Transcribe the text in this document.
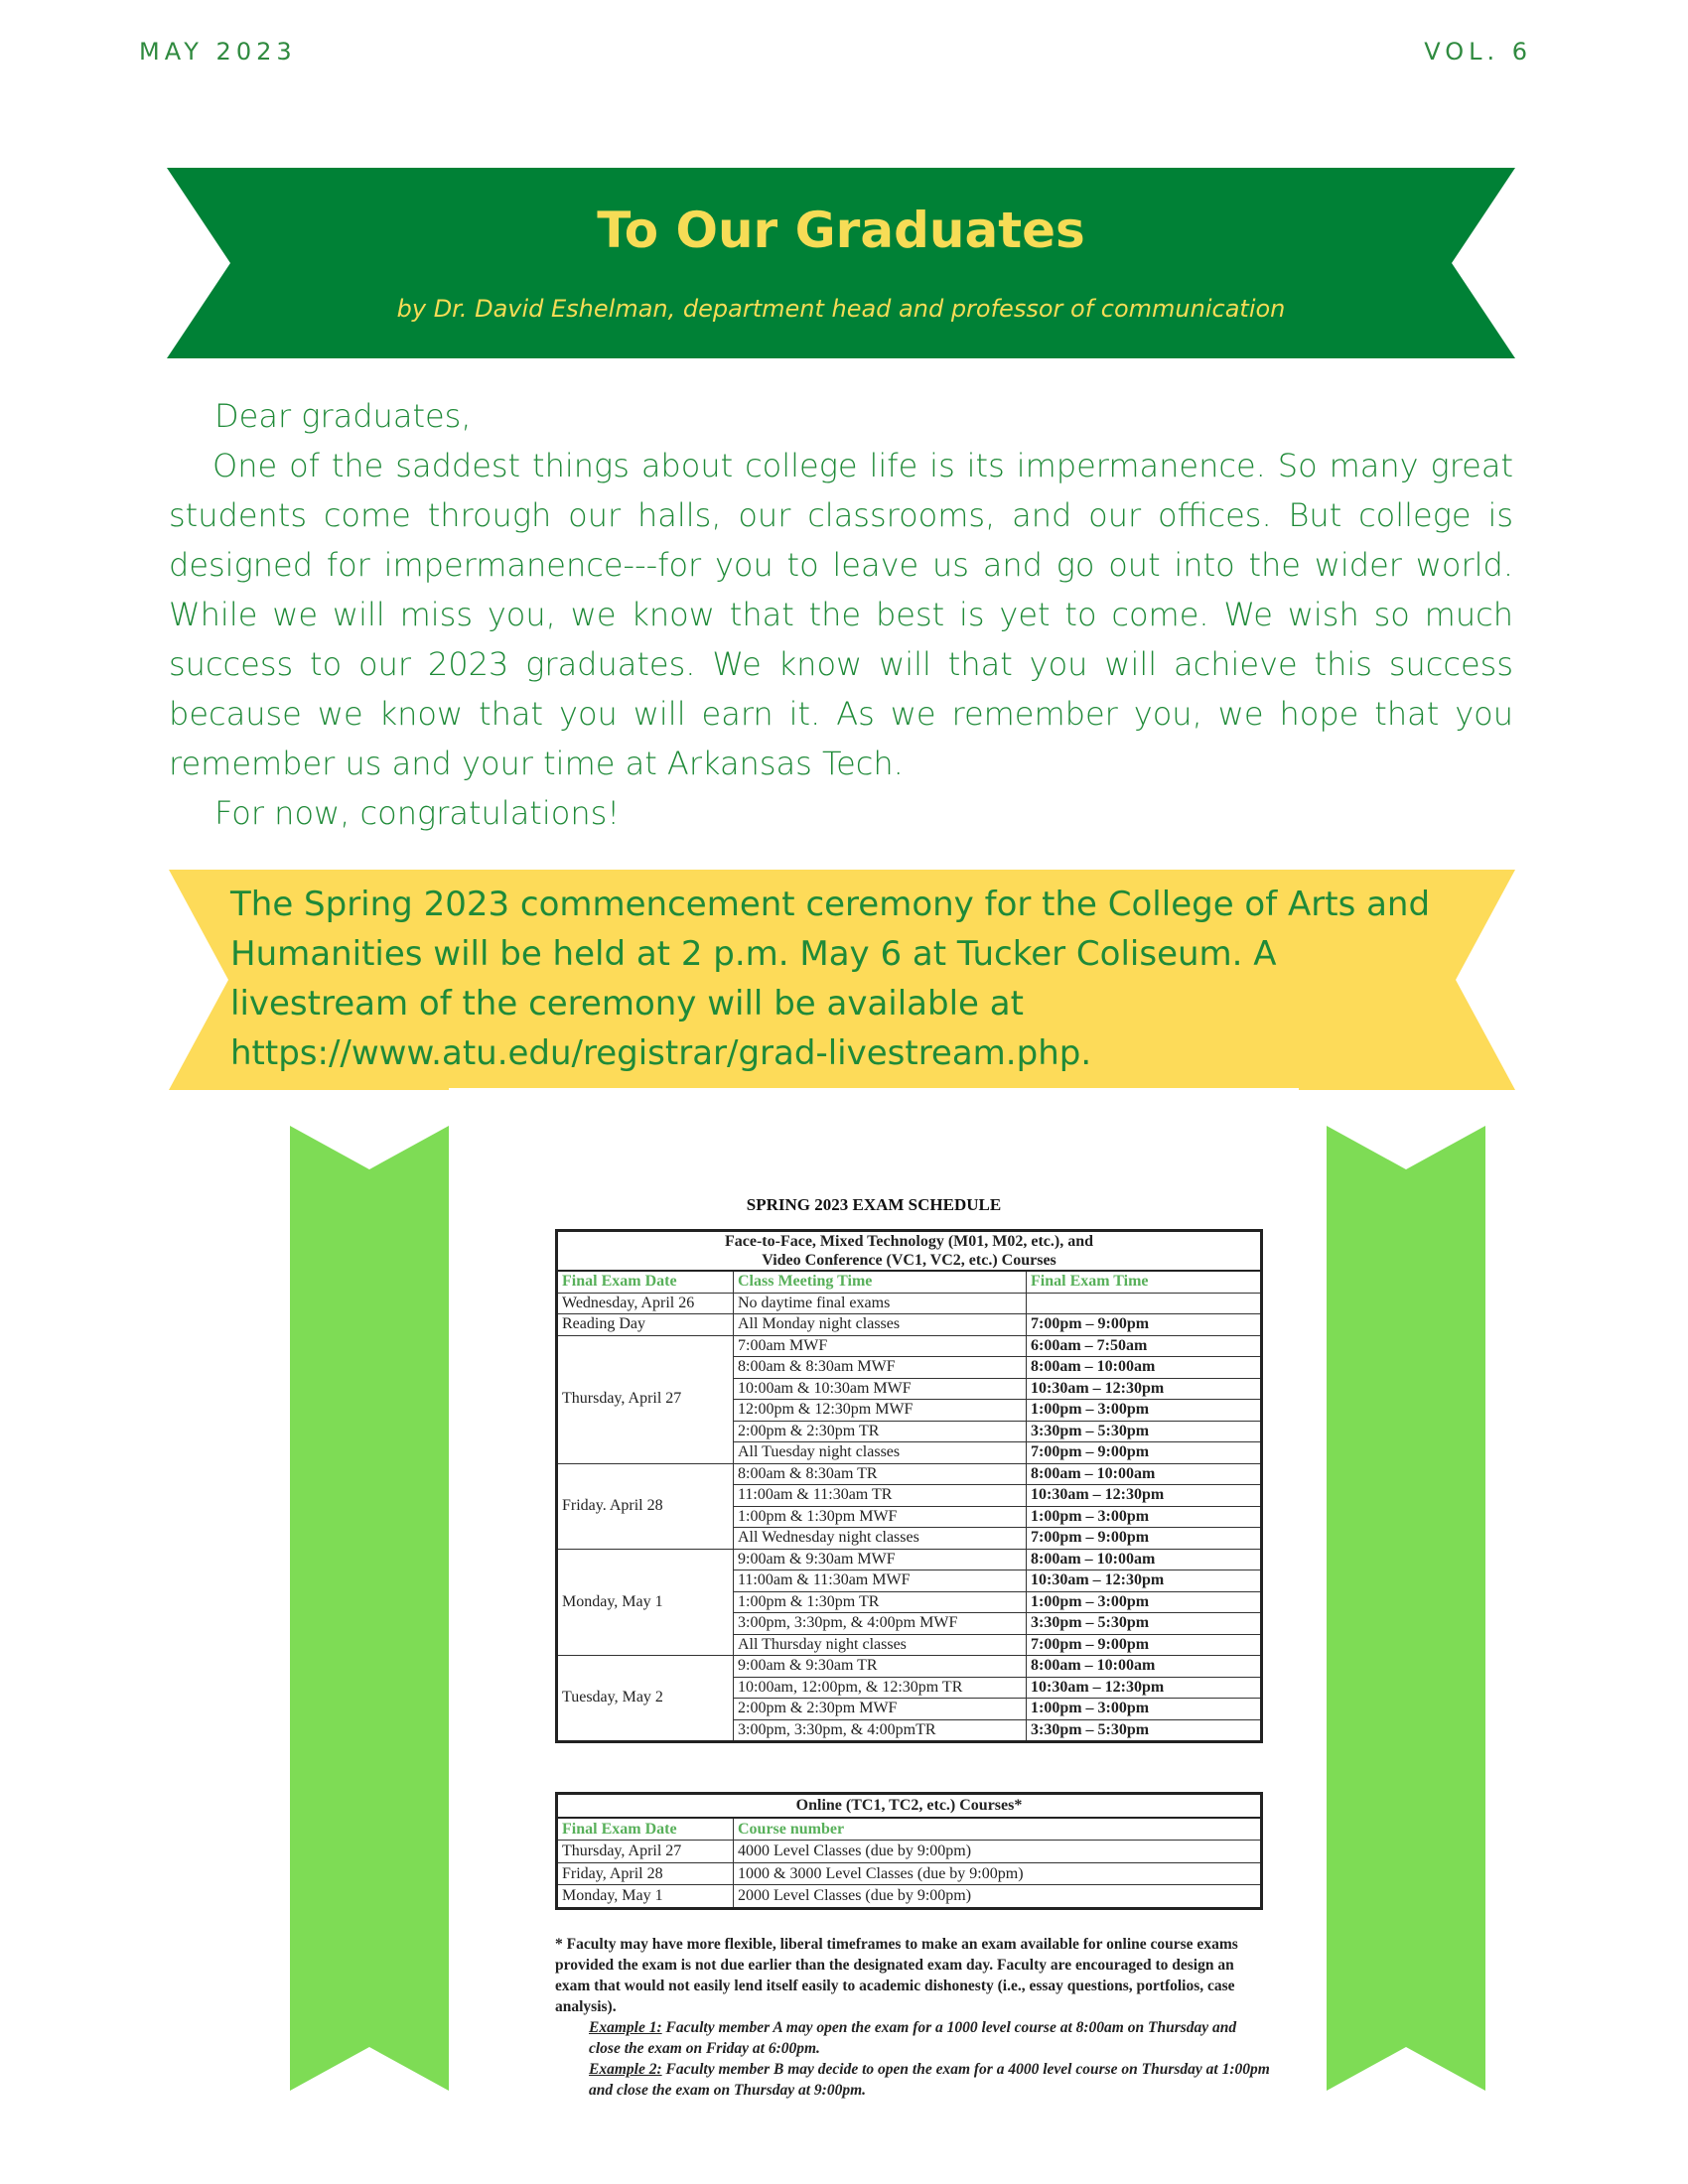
MAY 2023	VOL. 6
To Our Graduates
by Dr. David Eshelman, department head and professor of communication

Dear graduates,

One of the saddest things about college life is its impermanence. So many great students come through our halls, our classrooms, and our offices. But college is designed for impermanence---for you to leave us and go out into the wider world. While we will miss you, we know that the best is yet to come. We wish so much success to our 2023 graduates. We know will that you will achieve this success because we know that you will earn it. As we remember you, we hope that you remember us and your time at Arkansas Tech.

For now, congratulations!

The Spring 2023 commencement ceremony for the College of Arts and Humanities will be held at 2 p.m. May 6 at Tucker Coliseum. A livestream of the ceremony will be available at https://www.atu.edu/registrar/grad-livestream.php.
SPRING 2023 EXAM SCHEDULE
Face-to-Face, Mixed Technology (M01, M02, etc.), and
Video Conference (VC1, VC2, etc.) Courses		

Final Exam Date	Class Meeting Time	Final Exam Time
Wednesday, April 26	No daytime final exams	
Reading Day	All Monday night classes	7:00pm – 9:00pm
Thursday, April 27	7:00am MWF	6:00am – 7:50am
	8:00am & 8:30am MWF	8:00am – 10:00am
	10:00am & 10:30am MWF	10:30am – 12:30pm
	12:00pm & 12:30pm MWF	1:00pm – 3:00pm
	2:00pm & 2:30pm TR	3:30pm – 5:30pm
	All Tuesday night classes	7:00pm – 9:00pm
Friday. April 28	8:00am & 8:30am TR	8:00am – 10:00am
	11:00am & 11:30am TR	10:30am – 12:30pm
	1:00pm & 1:30pm MWF	1:00pm – 3:00pm
	All Wednesday night classes	7:00pm – 9:00pm
Monday, May 1	9:00am & 9:30am MWF	8:00am – 10:00am
	11:00am & 11:30am MWF	10:30am – 12:30pm
	1:00pm & 1:30pm TR	1:00pm – 3:00pm
	3:00pm, 3:30pm, & 4:00pm MWF	3:30pm – 5:30pm
	All Thursday night classes	7:00pm – 9:00pm
Tuesday, May 2	9:00am & 9:30am TR	8:00am – 10:00am
	10:00am, 12:00pm, & 12:30pm TR	10:30am – 12:30pm
	2:00pm & 2:30pm MWF	1:00pm – 3:00pm
	3:00pm, 3:30pm, & 4:00pmTR	3:30pm – 5:30pm
Online (TC1, TC2, etc.) Courses*	
Final Exam Date	Course number
Thursday, April 27	4000 Level Classes (due by 9:00pm)
Friday, April 28	1000 & 3000 Level Classes (due by 9:00pm)
Monday, May 1	2000 Level Classes (due by 9:00pm)

* Faculty may have more flexible, liberal timeframes to make an exam available for online course exams provided the exam is not due earlier than the designated exam day. Faculty are encouraged to design an exam that would not easily lend itself easily to academic dishonesty (i.e., essay questions, portfolios, case analysis).

Example 1: Faculty member A may open the exam for a 1000 level course at 8:00am on Thursday and close the exam on Friday at 6:00pm.

Example 2: Faculty member B may decide to open the exam for a 4000 level course on Thursday at 1:00pm and close the exam on Thursday at 9:00pm.
